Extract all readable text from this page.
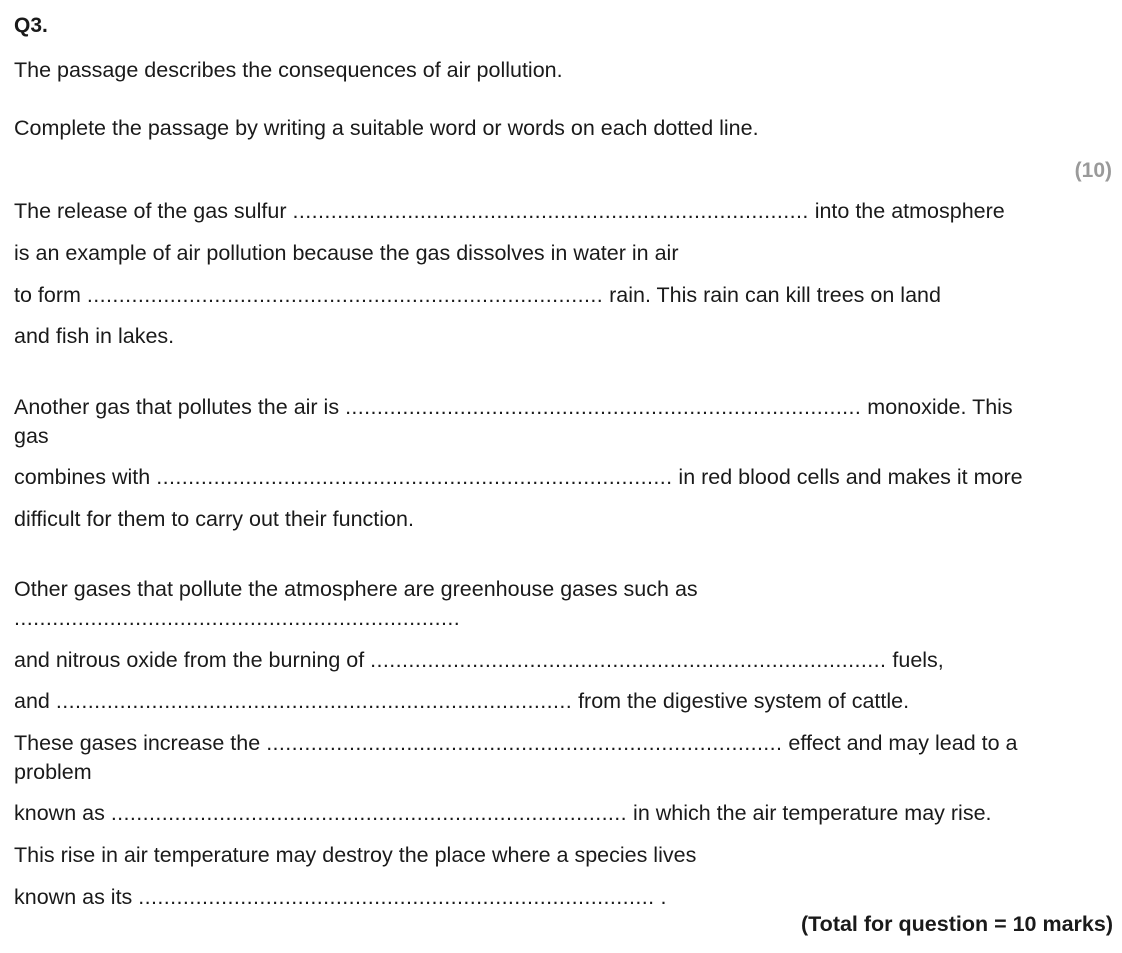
Q3.
The passage describes the consequences of air pollution.
Complete the passage by writing a suitable word or words on each dotted line.
(10)
The release of the gas sulfur ................................................................................. into the atmosphere
is an example of air pollution because the gas dissolves in water in air
to form ................................................................................. rain. This rain can kill trees on land
and fish in lakes.
Another gas that pollutes the air is ................................................................................. monoxide. This
gas
combines with ................................................................................. in red blood cells and makes it more
difficult for them to carry out their function.
Other gases that pollute the atmosphere are greenhouse gases such as
......................................................................
and nitrous oxide from the burning of ................................................................................. fuels,
and ................................................................................. from the digestive system of cattle.
These gases increase the ................................................................................. effect and may lead to a
problem
known as ................................................................................. in which the air temperature may rise.
This rise in air temperature may destroy the place where a species lives
known as its ................................................................................. .
(Total for question = 10 marks)
